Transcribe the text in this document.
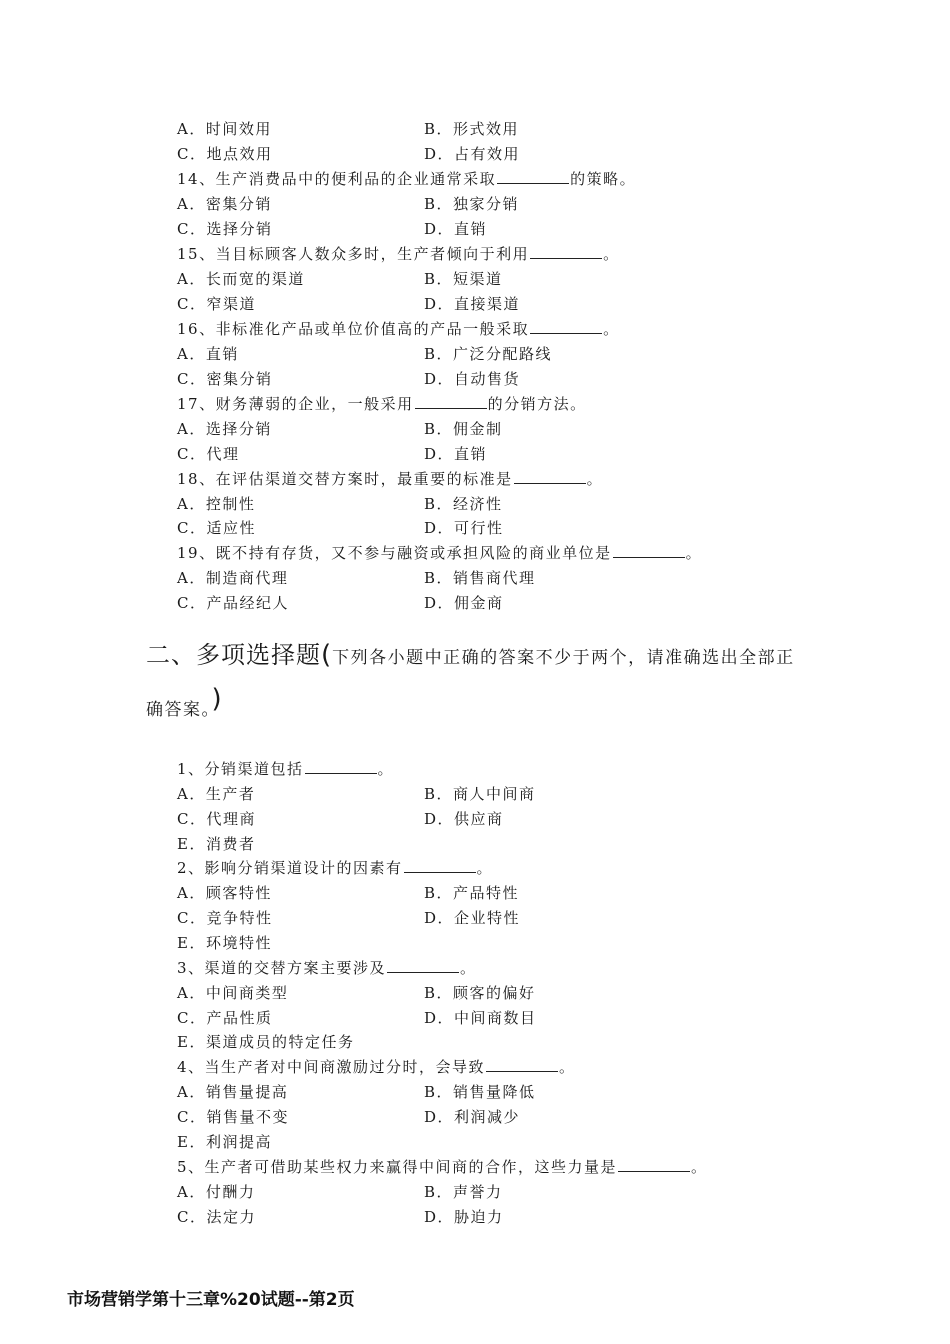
A．时间效用	B．形式效用
C．地点效用	D．占有效用
14、生产消费品中的便利品的企业通常采取	的策略。
A．密集分销	B．独家分销
C．选择分销	D．直销
15、当目标顾客人数众多时，生产者倾向于利用	。
A．长而宽的渠道	B．短渠道
C．窄渠道	D．直接渠道
16、非标准化产品或单位价值高的产品一般采取	。
A．直销	B．广泛分配路线
C．密集分销	D．自动售货
17、财务薄弱的企业，一般采用	的分销方法。
A．选择分销	B．佣金制
C．代理	D．直销
18、在评估渠道交替方案时，最重要的标准是	。
A．控制性	B．经济性
C．适应性	D．可行性
19、既不持有存货，又不参与融资或承担风险的商业单位是	。
A．制造商代理	B．销售商代理
C．产品经纪人	D．佣金商
二、多项选择题(下列各小题中正确的答案不少于两个，请准确选出全部正
确答案。)
1、分销渠道包括	。
A．生产者	B．商人中间商
C．代理商	D．供应商
E．消费者
2、影响分销渠道设计的因素有	。
A．顾客特性	B．产品特性
C．竞争特性	D．企业特性
E．环境特性
3、渠道的交替方案主要涉及	。
A．中间商类型	B．顾客的偏好
C．产品性质	D．中间商数目
E．渠道成员的特定任务
4、当生产者对中间商激励过分时，会导致	。
A．销售量提高	B．销售量降低
C．销售量不变	D．利润减少
E．利润提高
5、生产者可借助某些权力来赢得中间商的合作，这些力量是	。
A．付酬力	B．声誉力
C．法定力	D．胁迫力
市场营销学第十三章%20试题--第2页
